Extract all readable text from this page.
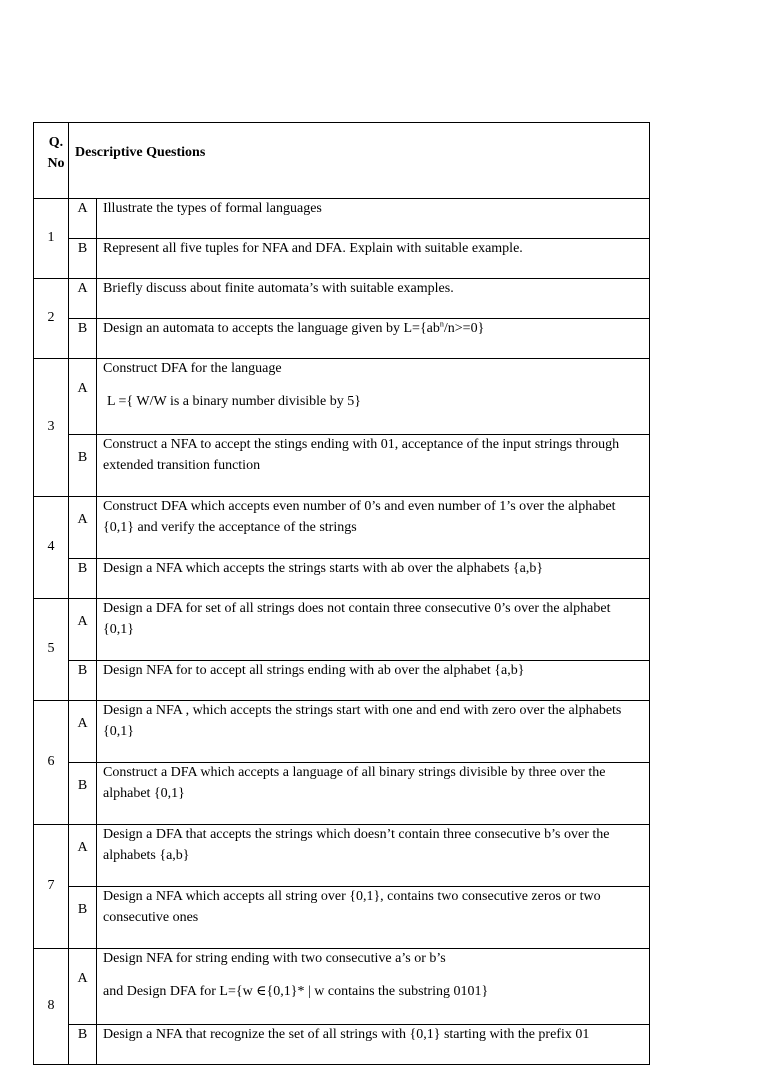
Q. No	Descriptive Questions	
1	A	Illustrate the types of formal languages
	B	Represent all five tuples for NFA and DFA. Explain with suitable example.
2	A	Briefly discuss about finite automata’s with suitable examples.
	B	Design an automata to accepts the language given by $L=\{ab^n/n>=0\}$
3	A	Construct DFA for the language
L ={ W/W is a binary number divisible by 5}

	B	Construct a NFA to accept the stings ending with 01, acceptance of the input strings through extended transition function
4	A	Construct DFA which accepts even number of 0’s and even number of 1’s over the alphabet {0,1} and verify the acceptance of the strings
	B	Design a NFA which accepts the strings starts with ab over the alphabets {a,b}
5	A	Design a DFA for set of all strings does not contain three consecutive 0’s over the alphabet {0,1}
	B	Design NFA for to accept all strings ending with ab over the alphabet {a,b}
6	A	Design a NFA , which accepts the strings start with one and end with zero over the alphabets {0,1}
	B	Construct a DFA which accepts a language of all binary strings divisible by three over the alphabet {0,1}
7	A	Design a DFA that accepts the strings which doesn’t contain three consecutive b’s over the alphabets {a,b}
	B	Design a NFA which accepts all string over {0,1}, contains two consecutive zeros or two consecutive ones
8	A	Design NFA for string ending with two consecutive a’s or b’s
and Design DFA for L={w ∈{0,1}* | w contains the substring 0101}

	B	Design a NFA that recognize the set of all strings with {0,1} starting with the prefix 01
